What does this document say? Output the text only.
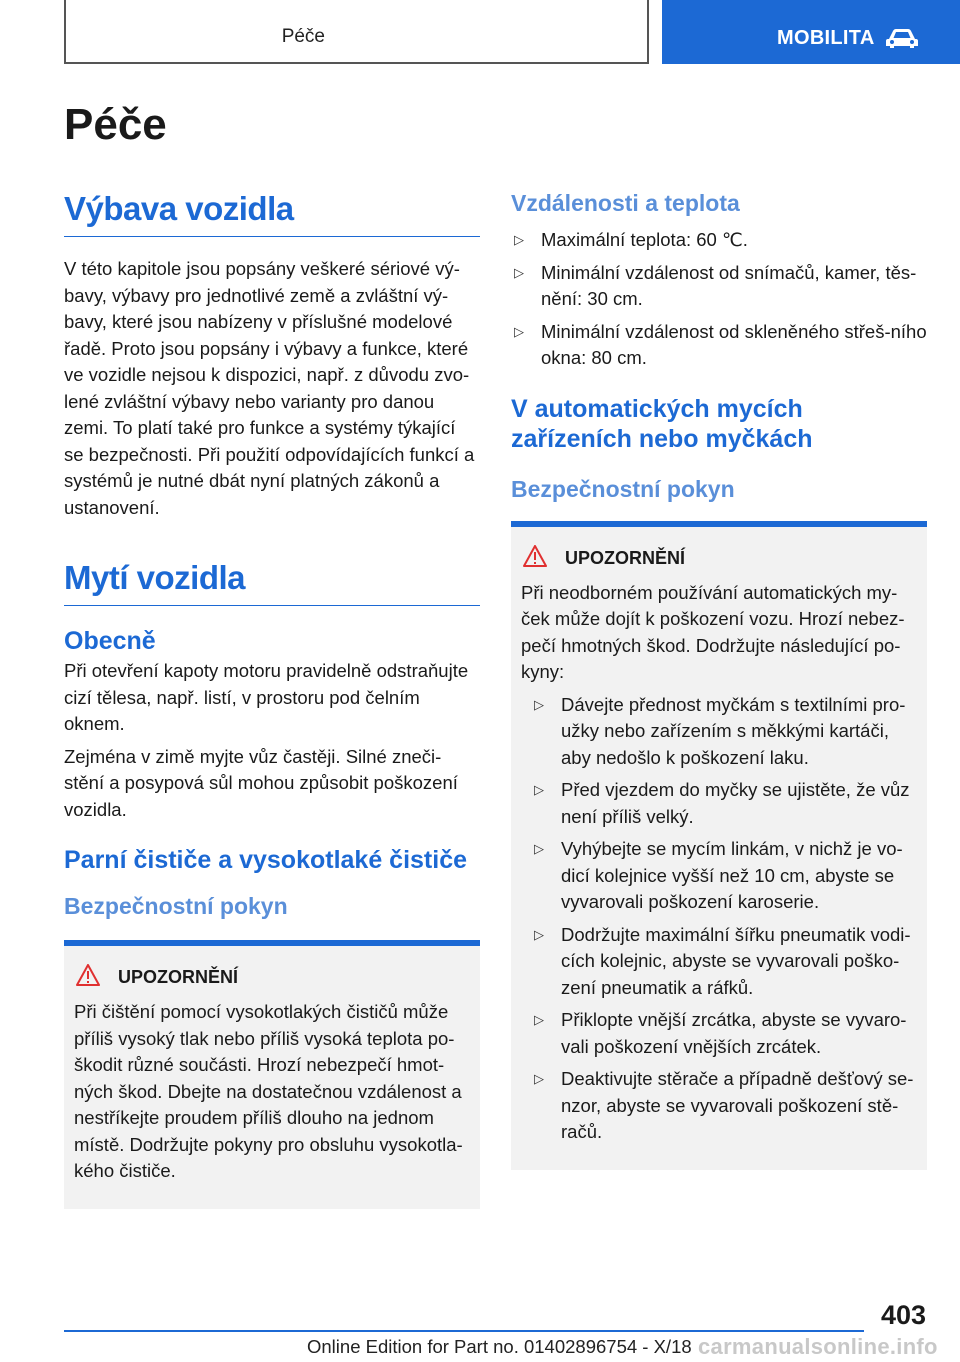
Péče	MOBILITA
Péče
Výbava vozidla

V této kapitole jsou popsány veškeré sériové vý-bavy, výbavy pro jednotlivé země a zvláštní vý-bavy, které jsou nabízeny v příslušné modelové řadě. Proto jsou popsány i výbavy a funkce, které ve vozidle nejsou k dispozici, např. z důvodu zvo-lené zvláštní výbavy nebo varianty pro danou zemi. To platí také pro funkce a systémy týkající se bezpečnosti. Při použití odpovídajících funkcí a systémů je nutné dbát nyní platných zákonů a ustanovení.

Mytí vozidla
Obecně

Při otevření kapoty motoru pravidelně odstraňujte cizí tělesa, např. listí, v prostoru pod čelním oknem.

Zejména v zimě myjte vůz častěji. Silné zneči-stění a posypová sůl mohou způsobit poškození vozidla.

Parní čističe a vysokotlaké čističe
Bezpečnostní pokyn
UPOZORNĚNÍ

Při čištění pomocí vysokotlakých čističů může příliš vysoký tlak nebo příliš vysoká teplota po-škodit různé součásti. Hrozí nebezpečí hmot-ných škod. Dbejte na dostatečnou vzdálenost a nestříkejte proudem příliš dlouho na jednom místě. Dodržujte pokyny pro obsluhu vysokotla-kého čističe.

Vzdálenosti a teplota
▷ Maximální teplota: 60 ℃.
▷ Minimální vzdálenost od snímačů, kamer, těs-nění: 30 cm.
▷ Minimální vzdálenost od skleněného střeš-ního okna: 80 cm.
V automatických mycích zařízeních nebo myčkách
Bezpečnostní pokyn
UPOZORNĚNÍ

Při neodborném používání automatických my-ček může dojít k poškození vozu. Hrozí nebez-pečí hmotných škod. Dodržujte následující po-kyny:

▷ Dávejte přednost myčkám s textilními pro-užky nebo zařízením s měkkými kartáči, aby nedošlo k poškození laku.
▷ Před vjezdem do myčky se ujistěte, že vůz není příliš velký.
▷ Vyhýbejte se mycím linkám, v nichž je vo-dicí kolejnice vyšší než 10 cm, abyste se vyvarovali poškození karoserie.
▷ Dodržujte maximální šířku pneumatik vodi-cích kolejnic, abyste se vyvarovali poško-zení pneumatik a ráfků.
▷ Přiklopte vnější zrcátka, abyste se vyvaro-vali poškození vnějších zrcátek.
▷ Deaktivujte stěrače a případně dešťový se-nzor, abyste se vyvarovali poškození stě-račů.
403
Online Edition for Part no. 01402896754 - X/18 carmanualsonline.info
